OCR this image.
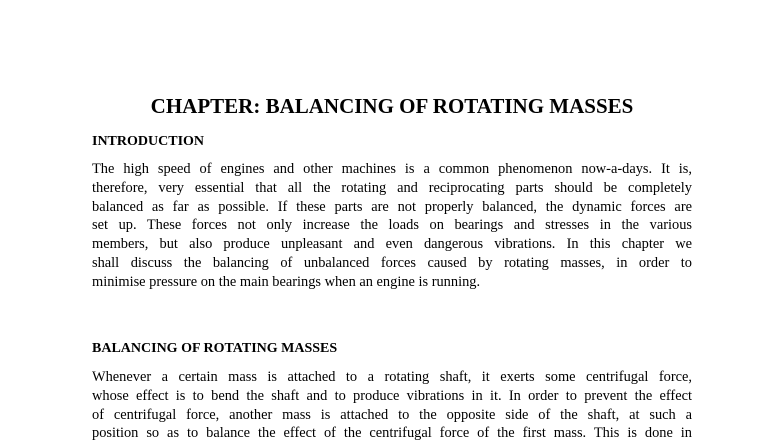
CHAPTER: BALANCING OF ROTATING MASSES
INTRODUCTION
The high speed of engines and other machines is a common phenomenon now-a-days. It is,
therefore, very essential that all the rotating and reciprocating parts should be completely
balanced as far as possible. If these parts are not properly balanced, the dynamic forces are
set up. These forces not only increase the loads on bearings and stresses in the various
members, but also produce unpleasant and even dangerous vibrations. In this chapter we
shall discuss the balancing of unbalanced forces caused by rotating masses, in order to
minimise pressure on the main bearings when an engine is running.
BALANCING OF ROTATING MASSES
Whenever a certain mass is attached to a rotating shaft, it exerts some centrifugal force,
whose effect is to bend the shaft and to produce vibrations in it. In order to prevent the effect
of centrifugal force, another mass is attached to the opposite side of the shaft, at such a
position so as to balance the effect of the centrifugal force of the first mass. This is done in
